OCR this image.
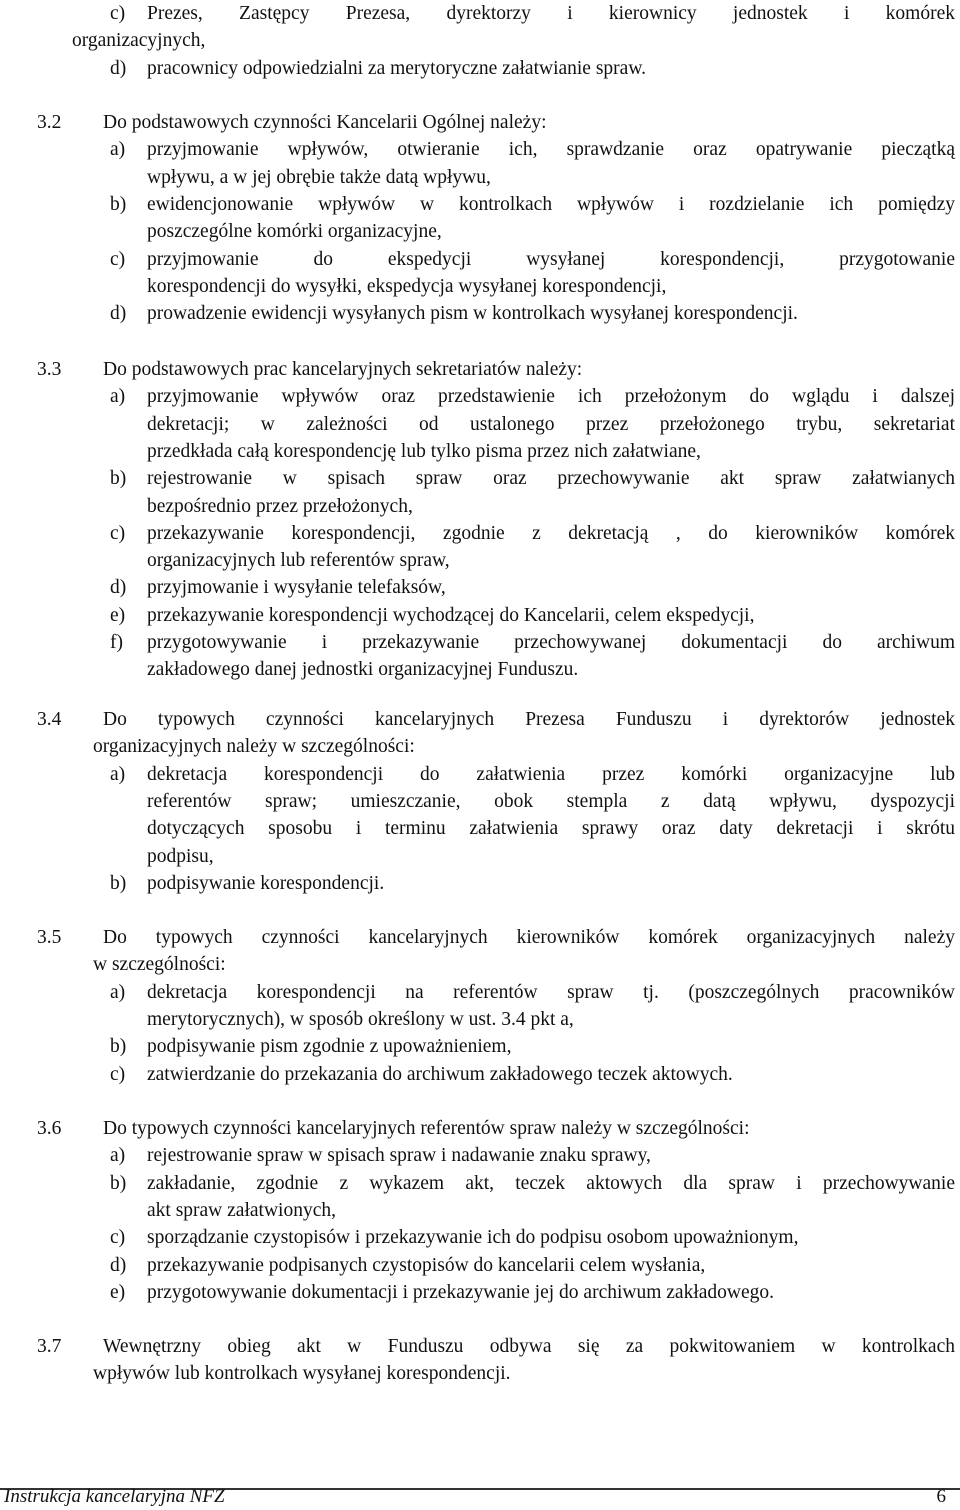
c) Prezes, Zastępcy Prezesa, dyrektorzy i kierownicy jednostek i komórek
organizacyjnych,
d) pracownicy odpowiedzialni za merytoryczne załatwianie spraw.
3.2 Do podstawowych czynności Kancelarii Ogólnej należy:
a) przyjmowanie wpływów, otwieranie ich, sprawdzanie oraz opatrywanie pieczątką
wpływu, a w jej obrębie także datą wpływu,
b) ewidencjonowanie wpływów w kontrolkach wpływów i rozdzielanie ich pomiędzy
poszczególne komórki organizacyjne,
c) przyjmowanie do ekspedycji wysyłanej korespondencji, przygotowanie
korespondencji do wysyłki, ekspedycja wysyłanej korespondencji,
d) prowadzenie ewidencji wysyłanych pism w kontrolkach wysyłanej korespondencji.
3.3 Do podstawowych prac kancelaryjnych sekretariatów należy:
a) przyjmowanie wpływów oraz przedstawienie ich przełożonym do wglądu i dalszej
dekretacji; w zależności od ustalonego przez przełożonego trybu, sekretariat
przedkłada całą korespondencję lub tylko pisma przez nich załatwiane,
b) rejestrowanie w spisach spraw oraz przechowywanie akt spraw załatwianych
bezpośrednio przez przełożonych,
c) przekazywanie korespondencji, zgodnie z dekretacją , do kierowników komórek
organizacyjnych lub referentów spraw,
d) przyjmowanie i wysyłanie telefaksów,
e) przekazywanie korespondencji wychodzącej do Kancelarii, celem ekspedycji,
f) przygotowywanie i przekazywanie przechowywanej dokumentacji do archiwum
zakładowego danej jednostki organizacyjnej Funduszu.
3.4 Do typowych czynności kancelaryjnych Prezesa Funduszu i dyrektorów jednostek
organizacyjnych należy w szczególności:
a) dekretacja korespondencji do załatwienia przez komórki organizacyjne lub
referentów spraw; umieszczanie, obok stempla z datą wpływu, dyspozycji
dotyczących sposobu i terminu załatwienia sprawy oraz daty dekretacji i skrótu
podpisu,
b) podpisywanie korespondencji.
3.5 Do typowych czynności kancelaryjnych kierowników komórek organizacyjnych należy
w szczególności:
a) dekretacja korespondencji na referentów spraw tj. (poszczególnych pracowników
merytorycznych), w sposób określony w ust. 3.4 pkt a,
b) podpisywanie pism zgodnie z upoważnieniem,
c) zatwierdzanie do przekazania do archiwum zakładowego teczek aktowych.
3.6 Do typowych czynności kancelaryjnych referentów spraw należy w szczególności:
a) rejestrowanie spraw w spisach spraw i nadawanie znaku sprawy,
b) zakładanie, zgodnie z wykazem akt, teczek aktowych dla spraw i przechowywanie
akt spraw załatwionych,
c) sporządzanie czystopisów i przekazywanie ich do podpisu osobom upoważnionym,
d) przekazywanie podpisanych czystopisów do kancelarii celem wysłania,
e) przygotowywanie dokumentacji i przekazywanie jej do archiwum zakładowego.
3.7 Wewnętrzny obieg akt w Funduszu odbywa się za pokwitowaniem w kontrolkach
wpływów lub kontrolkach wysyłanej korespondencji.
Instrukcja kancelaryjna NFZ	6
